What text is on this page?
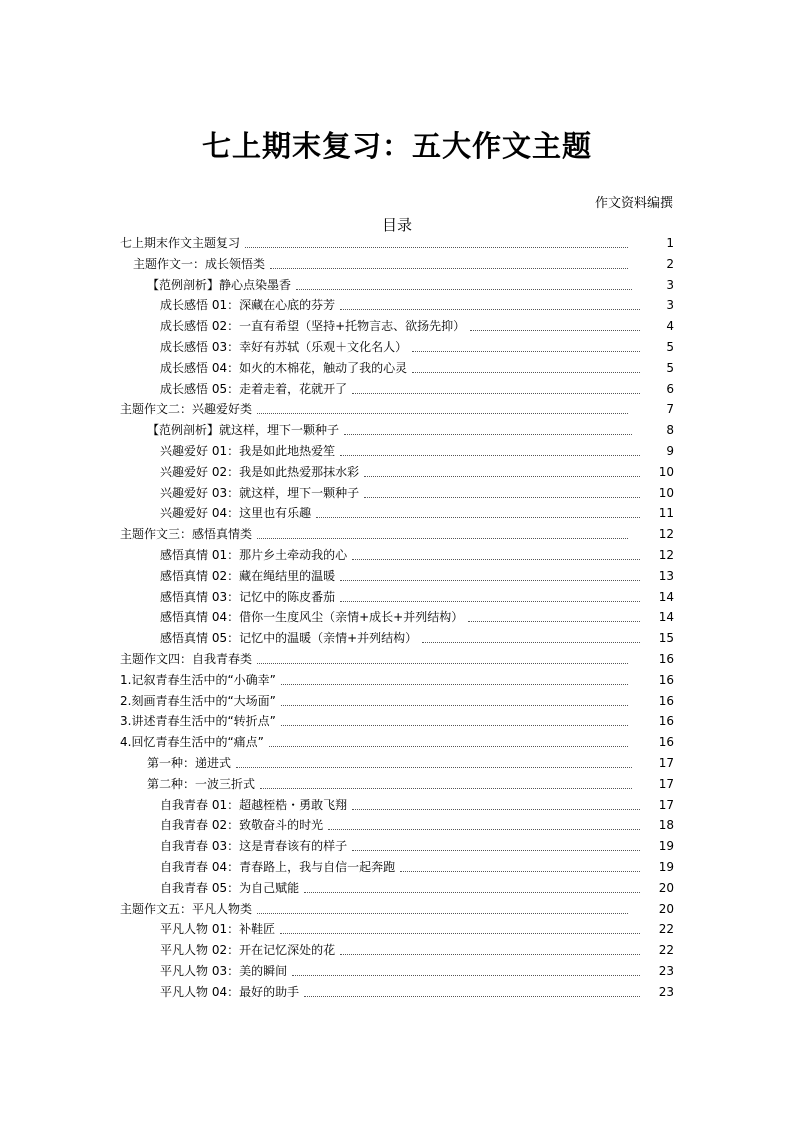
七上期末复习：五大作文主题
作文资料编撰
目录
七上期末作文主题复习	1
主题作文一：成长领悟类	2
【范例剖析】静心点染墨香	3
成长感悟 01：深藏在心底的芬芳	3
成长感悟 02：一直有希望（坚持+托物言志、欲扬先抑）	4
成长感悟 03：幸好有苏轼（乐观＋文化名人）	5
成长感悟 04：如火的木棉花，触动了我的心灵	5
成长感悟 05：走着走着，花就开了	6
主题作文二：兴趣爱好类	7
【范例剖析】就这样，埋下一颗种子	8
兴趣爱好 01：我是如此地热爱笙	9
兴趣爱好 02：我是如此热爱那抹水彩	10
兴趣爱好 03：就这样，埋下一颗种子	10
兴趣爱好 04：这里也有乐趣	11
主题作文三：感悟真情类	12
感悟真情 01：那片乡土牵动我的心	12
感悟真情 02：藏在绳结里的温暖	13
感悟真情 03：记忆中的陈皮番茄	14
感悟真情 04：借你一生度风尘（亲情+成长+并列结构）	14
感悟真情 05：记忆中的温暖（亲情+并列结构）	15
主题作文四：自我青春类	16
1.记叙青春生活中的“小确幸”	16
2.刻画青春生活中的“大场面”	16
3.讲述青春生活中的“转折点”	16
4.回忆青春生活中的“痛点”	16
第一种：递进式	17
第二种：一波三折式	17
自我青春 01：超越桎梏・勇敢飞翔	17
自我青春 02：致敬奋斗的时光	18
自我青春 03：这是青春该有的样子	19
自我青春 04：青春路上，我与自信一起奔跑	19
自我青春 05：为自己赋能	20
主题作文五：平凡人物类	20
平凡人物 01：补鞋匠	22
平凡人物 02：开在记忆深处的花	22
平凡人物 03：美的瞬间	23
平凡人物 04：最好的助手	23
